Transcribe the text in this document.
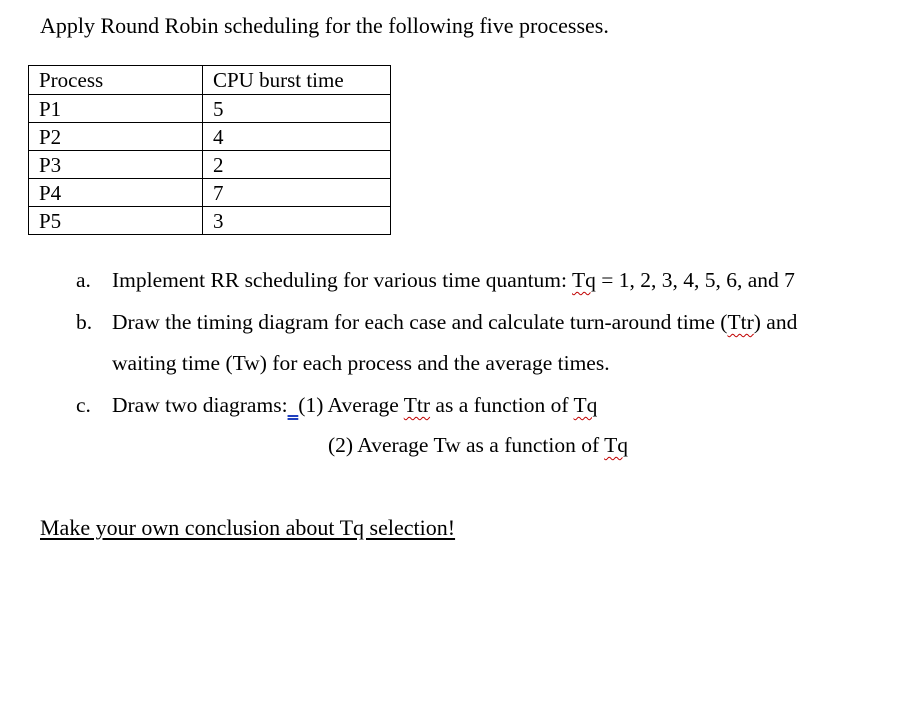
Apply Round Robin scheduling for the following five processes.
Process	CPU burst time
P1	5
P2	4
P3	2
P4	7
P5	3
a. Implement RR scheduling for various time quantum: Tq = 1, 2, 3, 4, 5, 6, and 7
b. Draw the timing diagram for each case and calculate turn-around time (Ttr) and
waiting time (Tw) for each process and the average times.
c. Draw two diagrams: (1) Average Ttr as a function of Tq
(2) Average Tw as a function of Tq
Make your own conclusion about Tq selection!
